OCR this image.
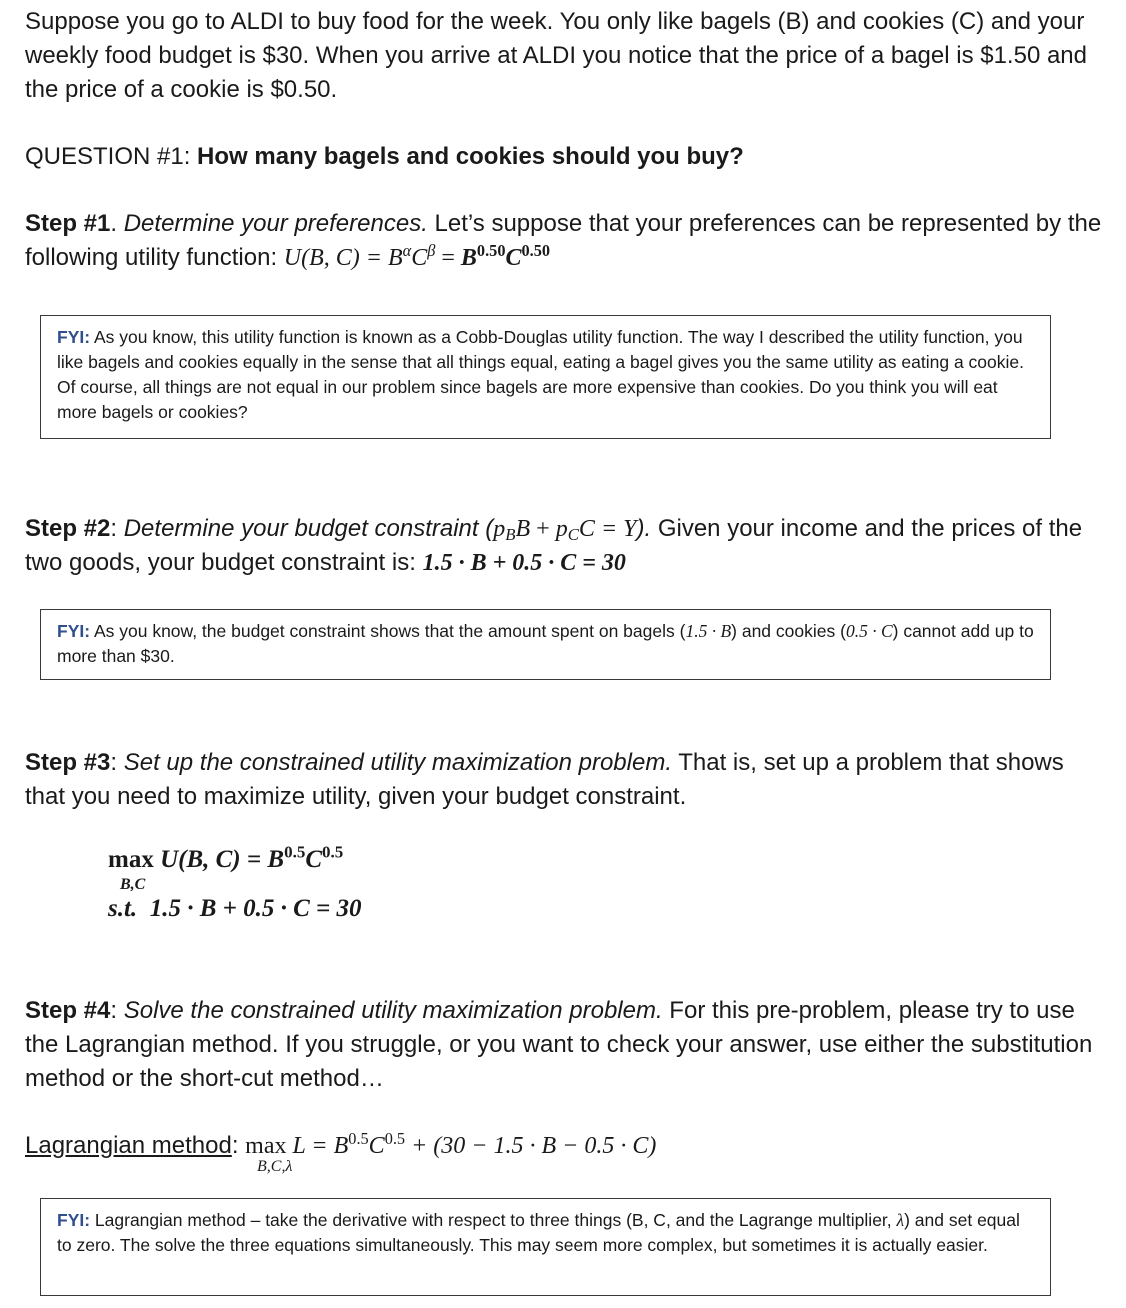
Suppose you go to ALDI to buy food for the week. You only like bagels (B) and cookies (C) and your weekly food budget is $30. When you arrive at ALDI you notice that the price of a bagel is $1.50 and the price of a cookie is $0.50.
QUESTION #1: How many bagels and cookies should you buy?
Step #1. Determine your preferences. Let’s suppose that your preferences can be represented by the following utility function: U(B, $C) = B^\alpha C^\beta = B^{0.50}C^{0.50}$
FYI: As you know, this utility function is known as a Cobb-Douglas utility function. The way I described the utility function, you like bagels and cookies equally in the sense that all things equal, eating a bagel gives you the same utility as eating a cookie. Of course, all things are not equal in our problem since bagels are more expensive than cookies. Do you think you will eat more bagels or cookies?
Step #2: Determine your budget constraint $(p_BB + p_CC = Y)$. Given your income and the prices of the two goods, your budget constraint is: 1.5 · B + 0.5 · C = 30
FYI: As you know, the budget constraint shows that the amount spent on bagels (1.5 · B) and cookies (0.5 · C) cannot add up to more than $30.
Step #3: Set up the constrained utility maximization problem. That is, set up a problem that shows that you need to maximize utility, given your budget constraint.
max U(B, $C) = B^{0.5}C^{0.5}$
B,C
s.t. 1.5 · B + 0.5 · C = 30
Step #4: Solve the constrained utility maximization problem. For this pre-problem, please try to use the Lagrangian method. If you struggle, or you want to check your answer, use either the substitution method or the short-cut method…
Lagrangian method: $\max L = B^{0.5}C^{0.5} + (30 - 1.5 \cdot B - 0.5 \cdot C)$
B,C,λ
FYI: Lagrangian method – take the derivative with respect to three things (B, C, and the Lagrange multiplier, λ) and set equal to zero. The solve the three equations simultaneously. This may seem more complex, but sometimes it is actually easier.
